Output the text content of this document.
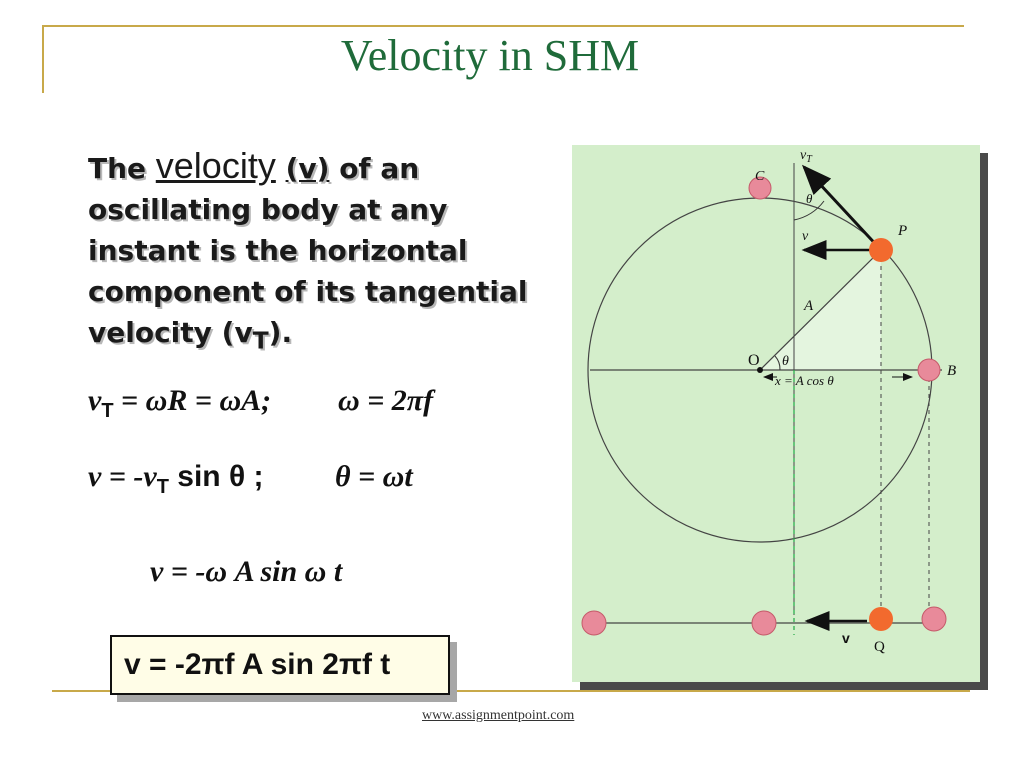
Velocity in SHM
The velocity (v) of an oscillating body at any instant is the horizontal component of its tangential velocity $(v_T)$.
$v_T = \omega R = \omega A$; ω = 2πf
$v = -v_T$ sin θ ; θ = ωt
v = -ω A sin ω t
v = -2πf A sin 2πf t
$v_T$
θ
C
v	P
A
O θ
x = A cos θ
B
v
Q
www.assignmentpoint.com
